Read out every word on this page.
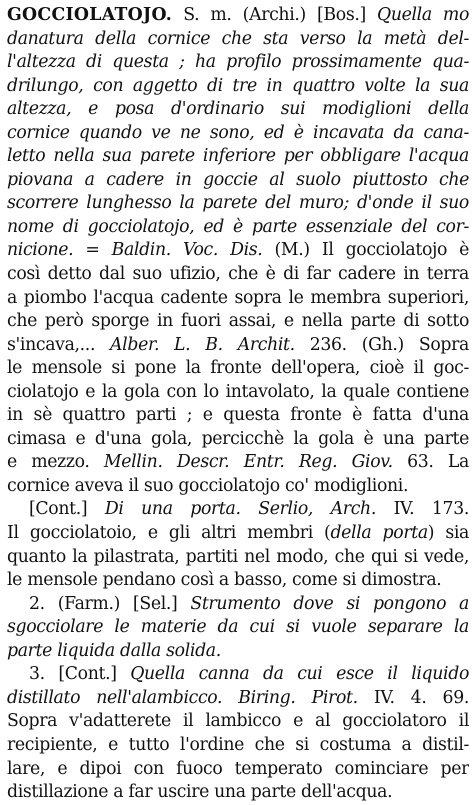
GOCCIOLATOJO. S. m. (Archi.) [Bos.] Quella mo
danatura della cornice che sta verso la metà del-
l'altezza di questa ; ha profilo prossimamente qua-
drilungo, con aggetto di tre in quattro volte la sua
altezza, e posa d'ordinario sui modiglioni della
cornice quando ve ne sono, ed è incavata da cana-
letto nella sua parete inferiore per obbligare l'acqua
piovana a cadere in goccie al suolo piuttosto che
scorrere lunghesso la parete del muro; d'onde il suo
nome di gocciolatojo, ed è parte essenziale del cor-
nicione. = Baldin. Voc. Dis. (M.) Il gocciolatojo è
così detto dal suo ufizio, che è di far cadere in terra
a piombo l'acqua cadente sopra le membra superiori,
che però sporge in fuori assai, e nella parte di sotto
s'incava,... Alber. L. B. Archit. 236. (Gh.) Sopra
le mensole si pone la fronte dell'opera, cioè il goc-
ciolatojo e la gola con lo intavolato, la quale contiene
in sè quattro parti ; e questa fronte è fatta d'una
cimasa e d'una gola, percicchè la gola è una parte
e mezzo. Mellin. Descr. Entr. Reg. Giov. 63. La
cornice aveva il suo gocciolatojo co' modiglioni.
[Cont.] Di una porta. Serlio, Arch. IV. 173.
Il gocciolatoio, e gli altri membri (della porta) sia
quanto la pilastrata, partiti nel modo, che qui si vede,
le mensole pendano così a basso, come si dimostra.
2. (Farm.) [Sel.] Strumento dove si pongono a
sgocciolare le materie da cui si vuole separare la
parte liquida dalla solida.
3. [Cont.] Quella canna da cui esce il liquido
distillato nell'alambicco. Biring. Pirot. IV. 4. 69.
Sopra v'adatterete il lambicco e al gocciolatoro il
recipiente, e tutto l'ordine che si costuma a distil-
lare, e dipoi con fuoco temperato cominciare per
distillazione a far uscire una parte dell'acqua.
